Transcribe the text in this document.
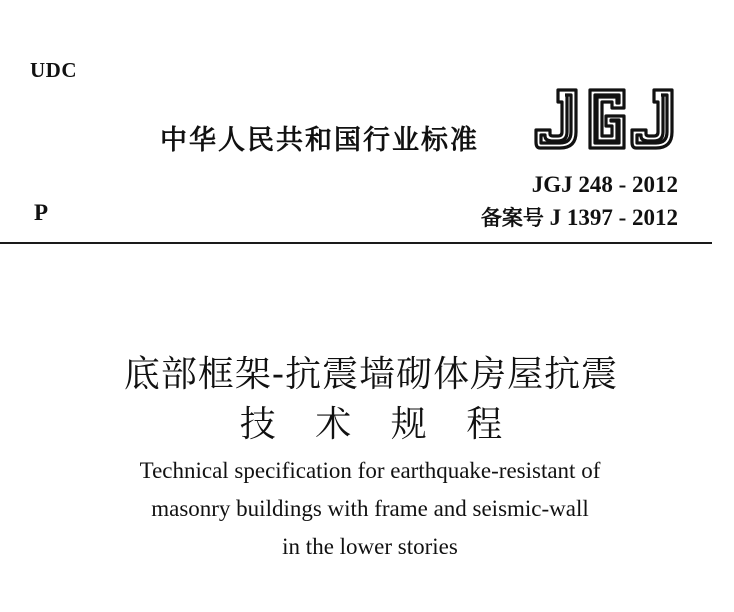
UDC
中华人民共和国行业标准
JGJ 248 - 2012
备案号 J 1397 - 2012
P
底部框架-抗震墙砌体房屋抗震
技 术 规 程
Technical specification for earthquake-resistant of
masonry buildings with frame and seismic-wall
in the lower stories
